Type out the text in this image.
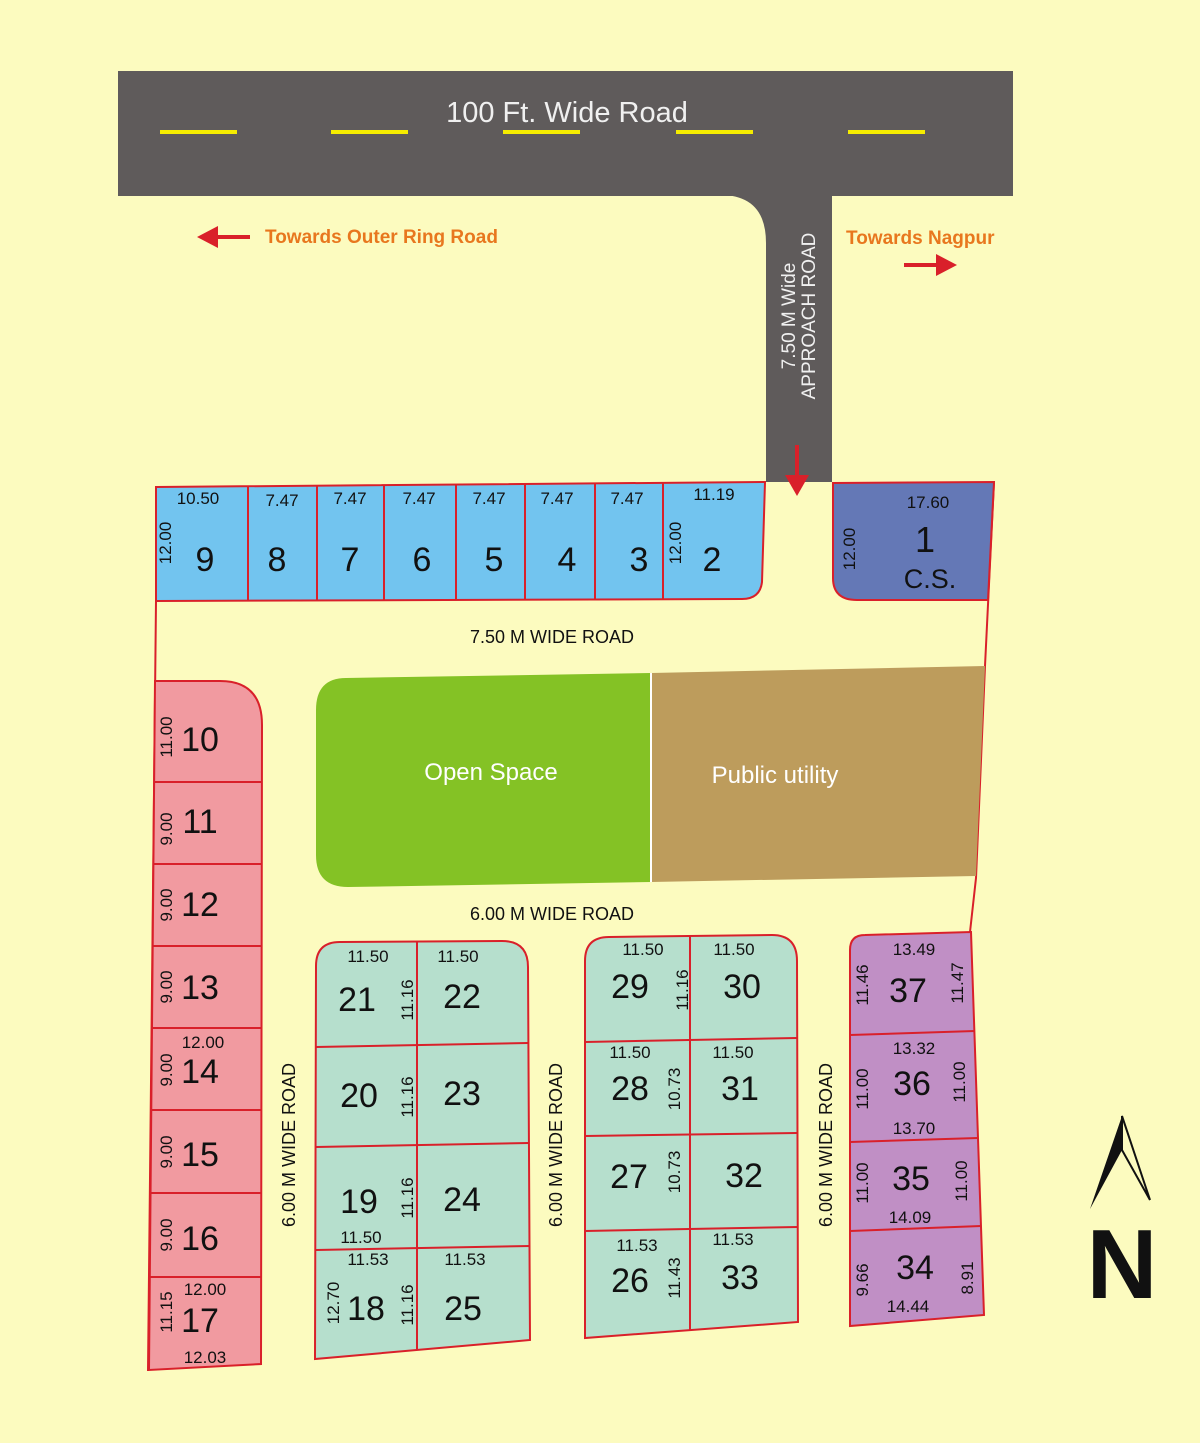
100 Ft. Wide Road
7.50 M Wide APPROACH ROAD
Towards Outer Ring Road	Towards Nagpur
10.50	7.47 7.47 7.47 7.47 7.47 7.47	11.19
12.00	12.00
9 8 7 6 5 4 3 2
17.60
12.00 1
C.S.
7.50 M WIDE ROAD
6.00 M WIDE ROAD
6.00 M WIDE ROAD	6.00 M WIDE ROAD	6.00 M WIDE ROAD
Open Space	Public utility
11.00
9.00
9.00
9.00
9.00
9.00
9.00
11.15
12.00
12.00
12.03
10
11
12
13
14
15
16
17
11.50	11.50
11.16
11.16
11.16
11.16
11.50
11.53	11.53
12.70
21 22
20 23
19 24
18 25
11.50	11.50
11.16
11.50	11.50
10.73
10.73
11.53	11.53
11.43
29 30
28 31
27 32
26 33
13.49
11.46	11.47
13.32
11.00	11.00
13.70
11.00	11.00
14.09
9.66	8.91
14.44
37
36
35
34 N
